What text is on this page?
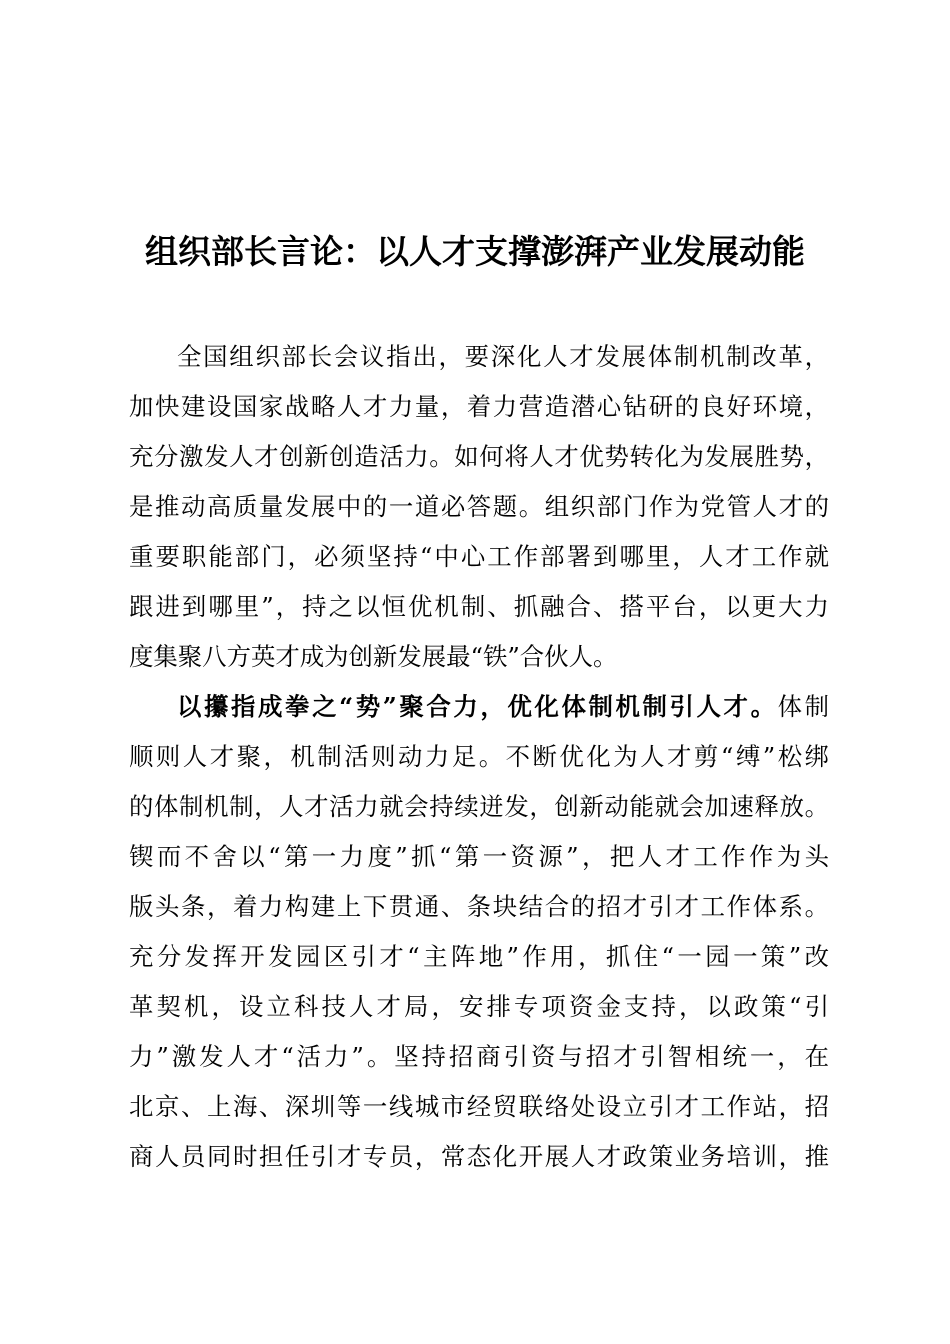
组织部长言论：以人才支撑澎湃产业发展动能
全国组织部长会议指出，要深化人才发展体制机制改革，
加快建设国家战略人才力量，着力营造潜心钻研的良好环境，
充分激发人才创新创造活力。如何将人才优势转化为发展胜势，
是推动高质量发展中的一道必答题。组织部门作为党管人才的
重要职能部门，必须坚持“中心工作部署到哪里，人才工作就
跟进到哪里”，持之以恒优机制、抓融合、搭平台，以更大力
度集聚八方英才成为创新发展最“铁”合伙人。
以攥指成拳之“势”聚合力，优化体制机制引人才。体制
顺则人才聚，机制活则动力足。不断优化为人才剪“缚”松绑
的体制机制，人才活力就会持续迸发，创新动能就会加速释放。
锲而不舍以“第一力度”抓“第一资源”，把人才工作作为头
版头条，着力构建上下贯通、条块结合的招才引才工作体系。
充分发挥开发园区引才“主阵地”作用，抓住“一园一策”改
革契机，设立科技人才局，安排专项资金支持，以政策“引
力”激发人才“活力”。坚持招商引资与招才引智相统一，在
北京、上海、深圳等一线城市经贸联络处设立引才工作站，招
商人员同时担任引才专员，常态化开展人才政策业务培训，推
